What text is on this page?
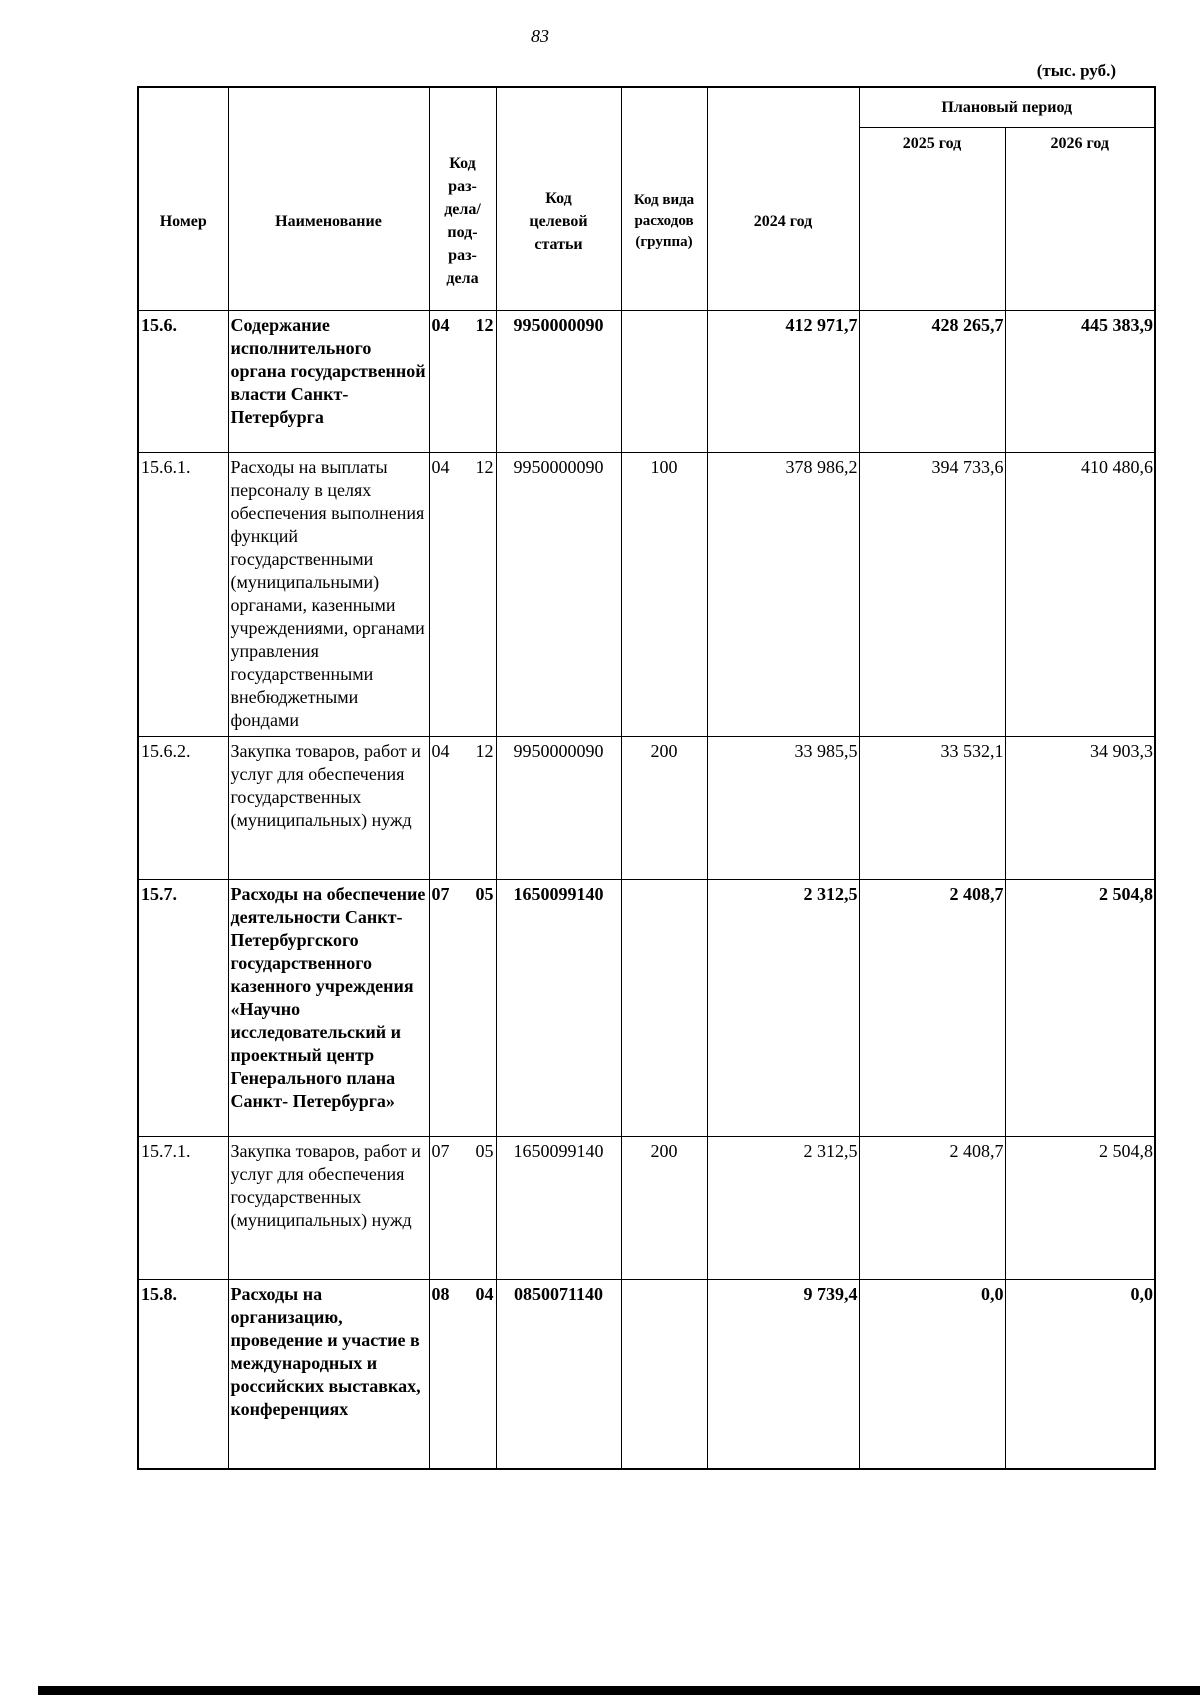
83
(тыс. руб.)
Номер	Наименование	Код раз-дела/ под-раз-дела	Код целевой статьи	Код вида расходов (группа)	2024 год	Плановый период	
						2025 год	2026 год
15.6.	Содержание исполнительного органа государственной власти Санкт-Петербурга	04 12	9950000090		412 971,7	428 265,7	445 383,9
15.6.1.	Расходы на выплаты персоналу в целях обеспечения выполнения функций государственными (муниципальными) органами, казенными учреждениями, органами управления государственными внебюджетными фондами	04 12	9950000090	100	378 986,2	394 733,6	410 480,6
15.6.2.	Закупка товаров, работ и услуг для обеспечения государственных (муниципальных) нужд	04 12	9950000090	200	33 985,5	33 532,1	34 903,3
15.7.	Расходы на обеспечение деятельности Санкт-Петербургского государственного казенного учреждения «Научно исследовательский и проектный центр Генерального плана Санкт- Петербурга»	07 05	1650099140		2 312,5	2 408,7	2 504,8
15.7.1.	Закупка товаров, работ и услуг для обеспечения государственных (муниципальных) нужд	07 05	1650099140	200	2 312,5	2 408,7	2 504,8
15.8.	Расходы на организацию, проведение и участие в международных и российских выставках, конференциях	08 04	0850071140		9 739,4	0,0	0,0
